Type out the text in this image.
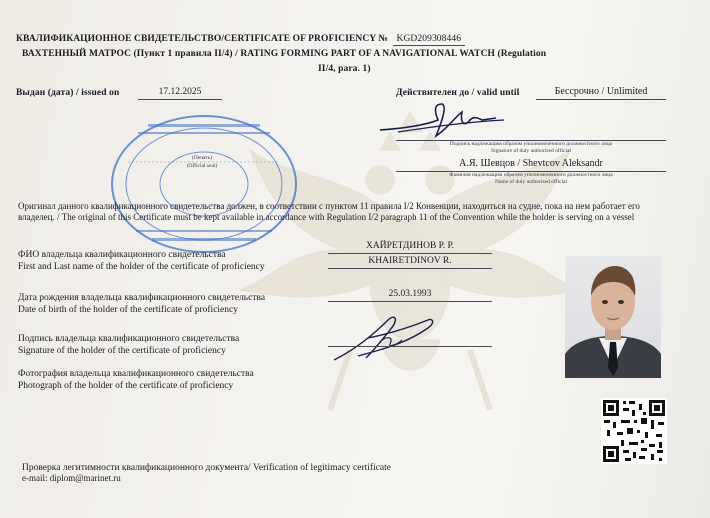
КВАЛИФИКАЦИОННОЕ СВИДЕТЕЛЬСТВО/CERTIFICATE OF PROFICIENCY № KGD209308446
ВАХТЕННЫЙ МАТРОС (Пункт 1 правила II/4) / RATING FORMING PART OF A NAVIGATIONAL WATCH (Regulation
II/4, para. 1)
Выдан (дата) / issued on	17.12.2025	Действителен до / valid until	Бессрочно / Unlimited
Подпись надлежащим образом уполномоченного должностного лица
Signature of duly authorized official
А.Я. Шевцов / Shevtcov Aleksandr
Фамилия надлежащим образом уполномоченного должностного лица
Name of duly authorized official
(Печать)
(Official seal)
Оригинал данного квалификационного свидетельства должен, в соответствии с пунктом 11 правила I/2 Конвенции, находиться на судне, пока на нем работает его владелец. / The original of this Certificate must be kept available in accordance with Regulation I/2 paragraph 11 of the Convention while the holder is serving on a vessel
ФИО владельца квалификационного свидетельства
First and Last name of the holder of the certificate of proficiency
ХАЙРЕТДИНОВ Р. Р.
KHAIRETDINOV R.
Дата рождения владельца квалификационного свидетельства
Date of birth of the holder of the certificate of proficiency
25.03.1993
Подпись владельца квалификационного свидетельства
Signature of the holder of the certificate of proficiency
Фотография владельца квалификационного свидетельства
Photograph of the holder of the certificate of proficiency
Проверка легитимности квалификационного документа/ Verification of legitimacy certificate
e-mail: diplom@marinet.ru
